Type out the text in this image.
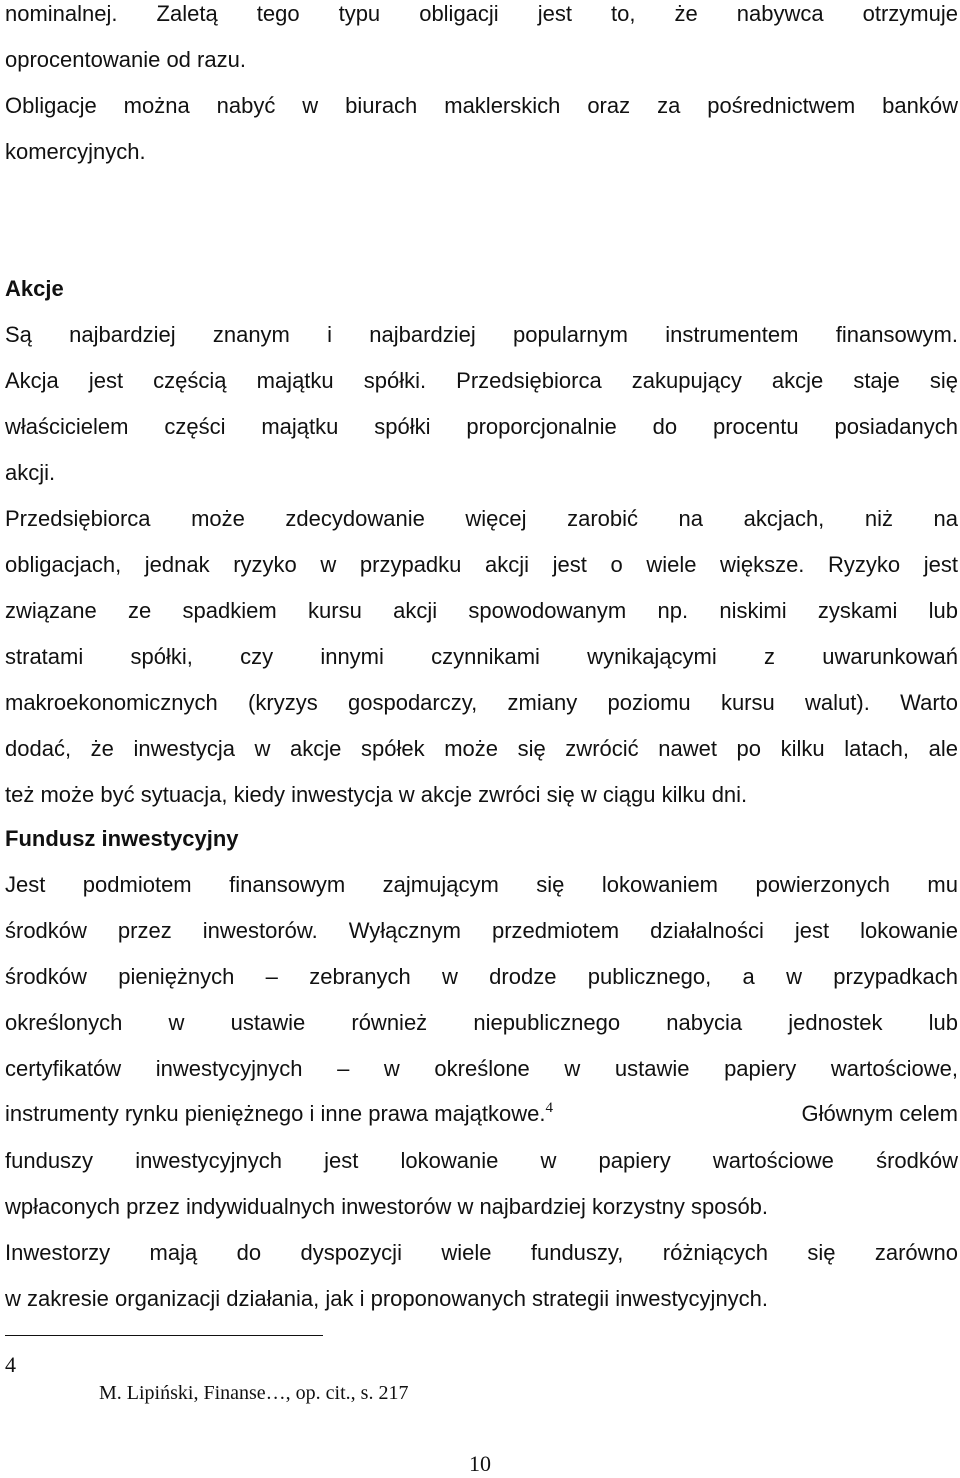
nominalnej. Zaletą tego typu obligacji jest to, że nabywca otrzymuje
oprocentowanie od razu.
Obligacje można nabyć w biurach maklerskich oraz za pośrednictwem banków
komercyjnych.
Akcje
Są najbardziej znanym i najbardziej popularnym instrumentem finansowym.
Akcja jest częścią majątku spółki. Przedsiębiorca zakupujący akcje staje się
właścicielem części majątku spółki proporcjonalnie do procentu posiadanych
akcji.
Przedsiębiorca może zdecydowanie więcej zarobić na akcjach, niż na
obligacjach, jednak ryzyko w przypadku akcji jest o wiele większe. Ryzyko jest
związane ze spadkiem kursu akcji spowodowanym np. niskimi zyskami lub
stratami spółki, czy innymi czynnikami wynikającymi z uwarunkowań
makroekonomicznych (kryzys gospodarczy, zmiany poziomu kursu walut). Warto
dodać, że inwestycja w akcje spółek może się zwrócić nawet po kilku latach, ale
też może być sytuacja, kiedy inwestycja w akcje zwróci się w ciągu kilku dni.
Fundusz inwestycyjny
Jest podmiotem finansowym zajmującym się lokowaniem powierzonych mu
środków przez inwestorów. Wyłącznym przedmiotem działalności jest lokowanie
środków pieniężnych – zebranych w drodze publicznego, a w przypadkach
określonych w ustawie również niepublicznego nabycia jednostek lub
certyfikatów inwestycyjnych – w określone w ustawie papiery wartościowe,
instrumenty rynku pieniężnego i inne prawa majątkowe.$^4$	Głównym celem
funduszy inwestycyjnych jest lokowanie w papiery wartościowe środków
wpłaconych przez indywidualnych inwestorów w najbardziej korzystny sposób.
Inwestorzy mają do dyspozycji wiele funduszy, różniących się zarówno
w zakresie organizacji działania, jak i proponowanych strategii inwestycyjnych.
4
M. Lipiński, Finanse…, op. cit., s. 217
10
